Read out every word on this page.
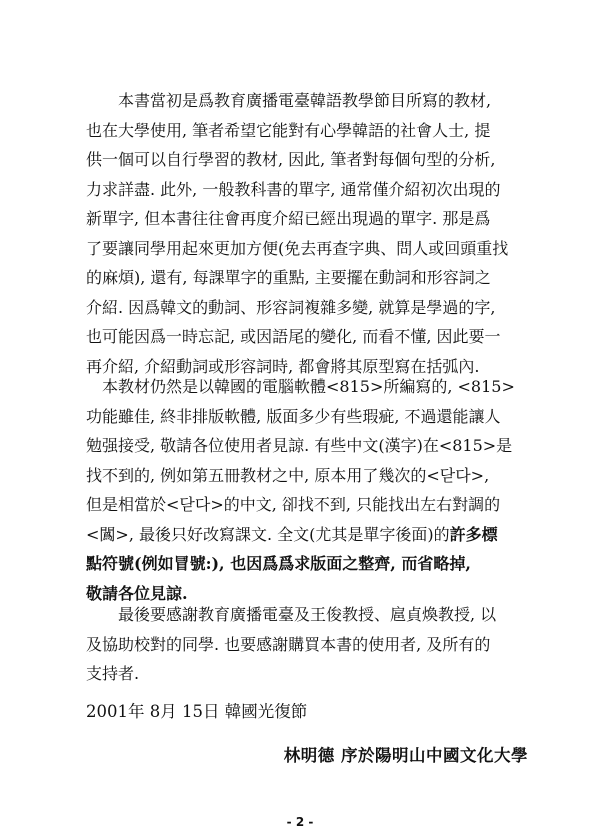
　　本書當初是爲教育廣播電臺韓語教學節目所寫的教材,
也在大學使用, 筆者希望它能對有心學韓語的社會人士, 提
供一個可以自行學習的教材, 因此, 筆者對每個句型的分析,
力求詳盡. 此外, 一般教科書的單字, 通常僅介紹初次出現的
新單字, 但本書往往會再度介紹已經出現過的單字. 那是爲
了要讓同學用起來更加方便(免去再查字典、問人或回頭重找
的麻煩), 還有, 每課單字的重點, 主要擺在動詞和形容詞之
介紹. 因爲韓文的動詞、形容詞複雜多變, 就算是學過的字,
也可能因爲一時忘記, 或因語尾的變化, 而看不懂, 因此要一
再介紹, 介紹動詞或形容詞時, 都會將其原型寫在括弧內.
　本教材仍然是以韓國的電腦軟體<815>所編寫的, <815>
功能雖佳, 終非排版軟體, 版面多少有些瑕疵, 不過還能讓人
勉强接受, 敬請各位使用者見諒. 有些中文(漢字)在<815>是
找不到的, 例如第五冊教材之中, 原本用了幾次的<닫다>,
但是相當於<닫다>的中文, 卻找不到, 只能找出左右對調的
<䦱>, 最後只好改寫課文. 全文(尤其是單字後面)的許多標
點符號(例如冒號:), 也因爲爲求版面之整齊, 而省略掉,
敬請各位見諒.
　　最後要感謝教育廣播電臺及王俊教授、扈貞煥教授, 以
及協助校對的同學. 也要感謝購買本書的使用者, 及所有的
支持者.
2001年 8月 15日 韓國光復節
林明德 序於陽明山中國文化大學
- 2 -
